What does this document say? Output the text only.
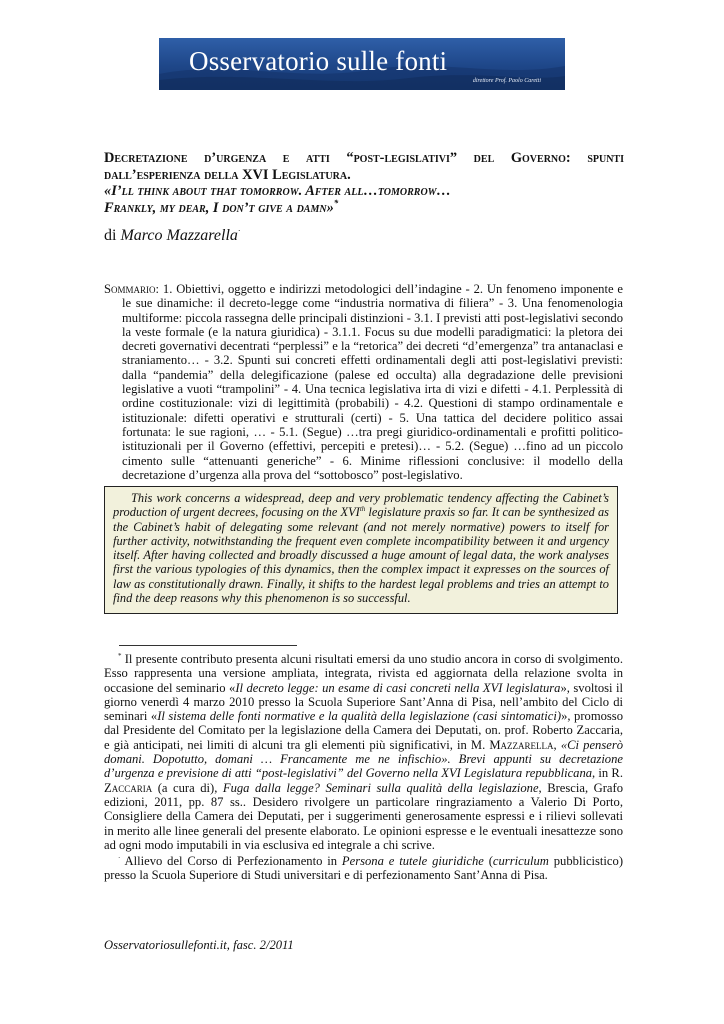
Osservatorio sulle fonti
direttore Prof. Paolo Caretti
Decretazione d’urgenza e atti “post-legislativi” del Governo: spunti
dall’esperienza della XVI Legislatura.
«I’ll think about that tomorrow. After all…tomorrow…
Frankly, my dear, I don’t give a damn»*
di Marco Mazzarella·

Sommario: 1. Obiettivi, oggetto e indirizzi metodologici dell’indagine - 2. Un fenomeno imponente e le sue dinamiche: il decreto-legge come “industria normativa di filiera” - 3. Una fenomenologia multiforme: piccola rassegna delle principali distinzioni - 3.1. I previsti atti post-legislativi secondo la veste formale (e la natura giuridica) - 3.1.1. Focus su due modelli paradigmatici: la pletora dei decreti governativi decentrati “perplessi” e la “retorica” dei decreti “d’emergenza” tra antanaclasi e straniamento… - 3.2. Spunti sui concreti effetti ordinamentali degli atti post-legislativi previsti: dalla “pandemia” della delegificazione (palese ed occulta) alla degradazione delle previsioni legislative a vuoti “trampolini” - 4. Una tecnica legislativa irta di vizi e difetti - 4.1. Perplessità di ordine costituzionale: vizi di legittimità (probabili) - 4.2. Questioni di stampo ordinamentale e istituzionale: difetti operativi e strutturali (certi) - 5. Una tattica del decidere politico assai fortunata: le sue ragioni, … - 5.1. (Segue) …tra pregi giuridico-ordinamentali e profitti politico-istituzionali per il Governo (effettivi, percepiti e pretesi)… - 5.2. (Segue) …fino ad un piccolo cimento sulle “attenuanti generiche” - 6. Minime riflessioni conclusive: il modello della decretazione d’urgenza alla prova del “sottobosco” post-legislativo.

This work concerns a widespread, deep and very problematic tendency affecting the Cabinet’s production of urgent decrees, focusing on the XVIth legislature praxis so far. It can be synthesized as the Cabinet’s habit of delegating some relevant (and not merely normative) powers to itself for further activity, notwithstanding the frequent even complete incompatibility between it and urgency itself. After having collected and broadly discussed a huge amount of legal data, the work analyses first the various typologies of this dynamics, then the complex impact it expresses on the sources of law as constitutionally drawn. Finally, it shifts to the hardest legal problems and tries an attempt to find the deep reasons why this phenomenon is so successful.

* Il presente contributo presenta alcuni risultati emersi da uno studio ancora in corso di svolgimento. Esso rappresenta una versione ampliata, integrata, rivista ed aggiornata della relazione svolta in occasione del seminario «Il decreto legge: un esame di casi concreti nella XVI legislatura», svoltosi il giorno venerdì 4 marzo 2010 presso la Scuola Superiore Sant’Anna di Pisa, nell’ambito del Ciclo di seminari «Il sistema delle fonti normative e la qualità della legislazione (casi sintomatici)», promosso dal Presidente del Comitato per la legislazione della Camera dei Deputati, on. prof. Roberto Zaccaria, e già anticipati, nei limiti di alcuni tra gli elementi più significativi, in M. Mazzarella, «Ci penserò domani. Dopotutto, domani … Francamente me ne infischio». Brevi appunti su decretazione d’urgenza e previsione di atti “post-legislativi” del Governo nella XVI Legislatura repubblicana, in R. Zaccaria (a cura di), Fuga dalla legge? Seminari sulla qualità della legislazione, Brescia, Grafo edizioni, 2011, pp. 87 ss.. Desidero rivolgere un particolare ringraziamento a Valerio Di Porto, Consigliere della Camera dei Deputati, per i suggerimenti generosamente espressi e i rilievi sollevati in merito alle linee generali del presente elaborato. Le opinioni espresse e le eventuali inesattezze sono ad ogni modo imputabili in via esclusiva ed integrale a chi scrive.

· Allievo del Corso di Perfezionamento in Persona e tutele giuridiche (curriculum pubblicistico) presso la Scuola Superiore di Studi universitari e di perfezionamento Sant’Anna di Pisa.

Osservatoriosullefonti.it, fasc. 2/2011
